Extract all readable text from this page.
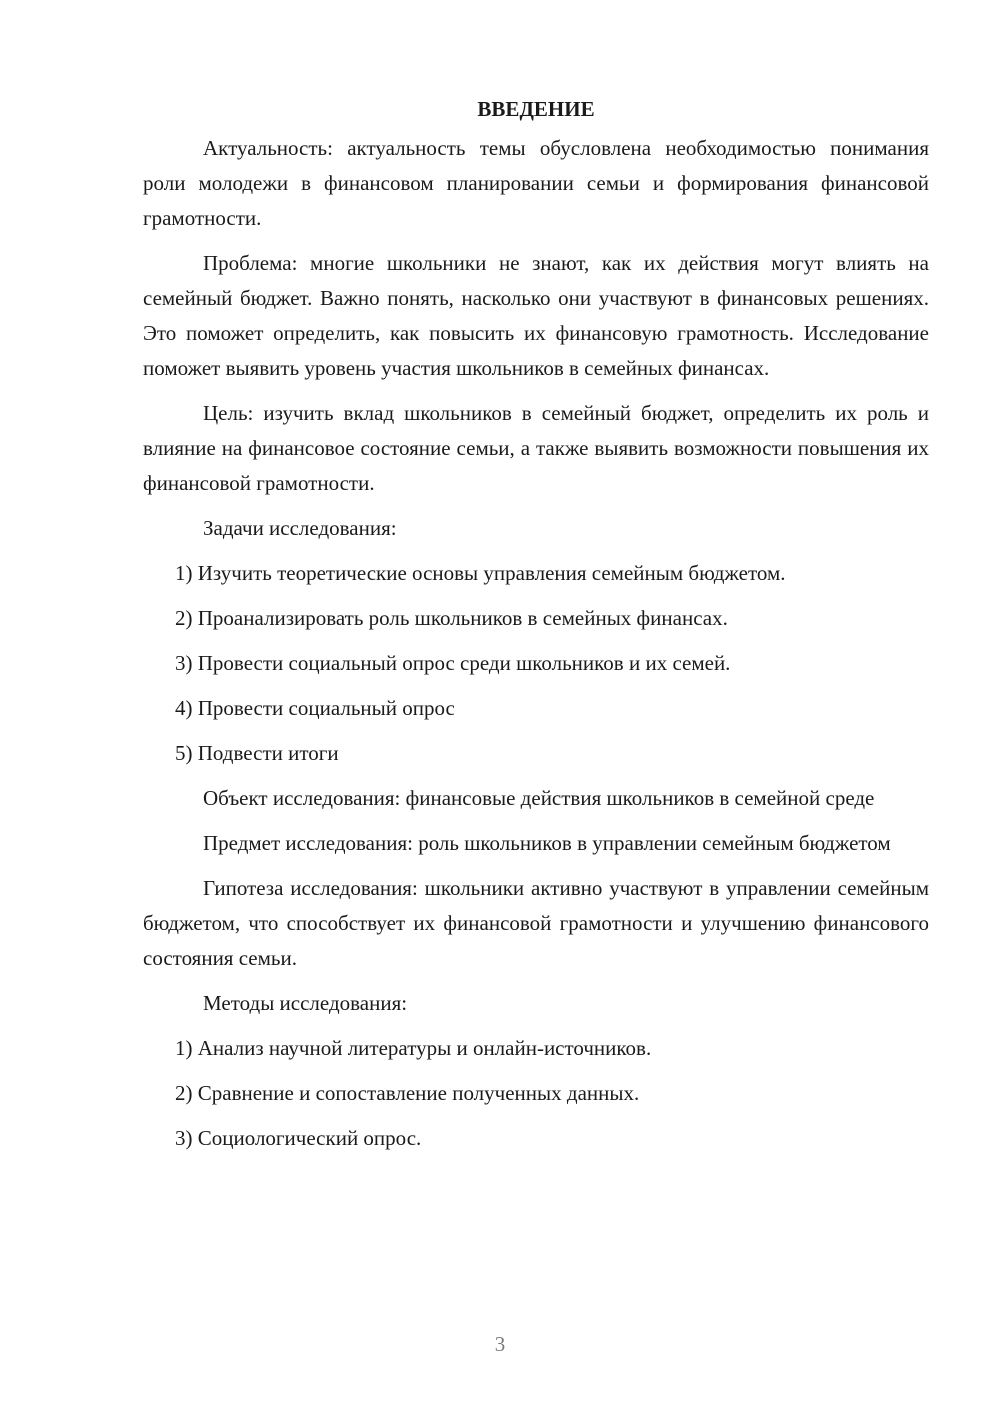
ВВЕДЕНИЕ

Актуальность: актуальность темы обусловлена необходимостью понимания роли молодежи в финансовом планировании семьи и формирования финансовой грамотности.

Проблема: многие школьники не знают, как их действия могут влиять на семейный бюджет. Важно понять, насколько они участвуют в финансовых решениях. Это поможет определить, как повысить их финансовую грамотность. Исследование поможет выявить уровень участия школьников в семейных финансах.

Цель: изучить вклад школьников в семейный бюджет, определить их роль и влияние на финансовое состояние семьи, а также выявить возможности повышения их финансовой грамотности.

Задачи исследования:

1) Изучить теоретические основы управления семейным бюджетом.

2) Проанализировать роль школьников в семейных финансах.

3) Провести социальный опрос среди школьников и их семей.

4) Провести социальный опрос

5) Подвести итоги

Объект исследования: финансовые действия школьников в семейной среде

Предмет исследования: роль школьников в управлении семейным бюджетом

Гипотеза исследования: школьники активно участвуют в управлении семейным бюджетом, что способствует их финансовой грамотности и улучшению финансового состояния семьи.

Методы исследования:

1) Анализ научной литературы и онлайн-источников.

2) Сравнение и сопоставление полученных данных.

3) Социологический опрос.

3
